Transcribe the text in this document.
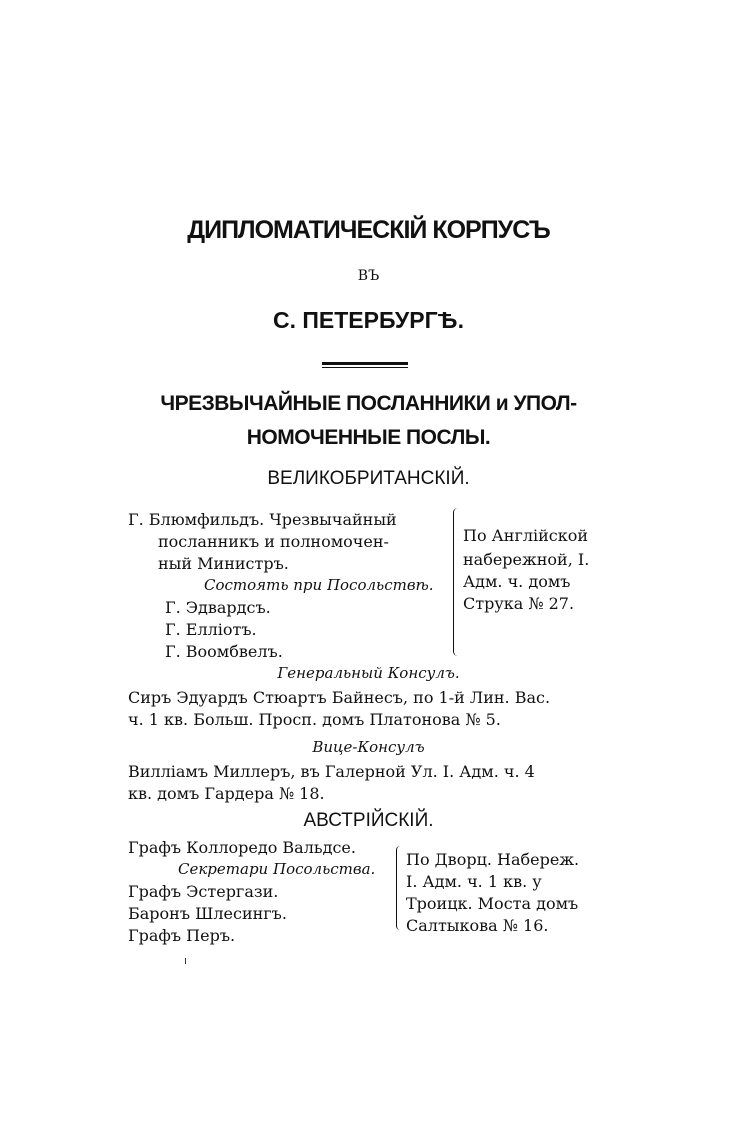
ДИПЛОМАТИЧЕСКІЙ КОРПУСЪ
ВЪ
С. ПЕТЕРБУРГѢ.
ЧРЕЗВЫЧАЙНЫЕ ПОСЛАННИКИ и УПОЛ-
НОМОЧЕННЫЕ ПОСЛЫ.
ВЕЛИКОБРИТАНСКІЙ.
Г. Блюмфильдъ. Чрезвычайный
посланникъ и полномочен-
ный Министръ.
Состоять при Посольствѣ.
Г. Эдвардсъ.
Г. Елліотъ.
Г. Воомбвелъ.
По Англійской
набережной, I.
Адм. ч. домъ
Струка № 27.
Генеральный Консулъ.
Сиръ Эдуардъ Стюартъ Байнесъ, по 1-й Лин. Вас.
ч. 1 кв. Больш. Просп. домъ Платонова № 5.
Вице-Консулъ
Вилліамъ Миллеръ, въ Галерной Ул. I. Адм. ч. 4
кв. домъ Гардера № 18.
АВСТРІЙСКІЙ.
Графъ Коллоредо Вальдсе.
Секретари Посольства.
Графъ Эстергази.
Баронъ Шлесингъ.
Графъ Перъ.
По Дворц. Набереж.
I. Адм. ч. 1 кв. у
Троицк. Моста домъ
Салтыкова № 16.
